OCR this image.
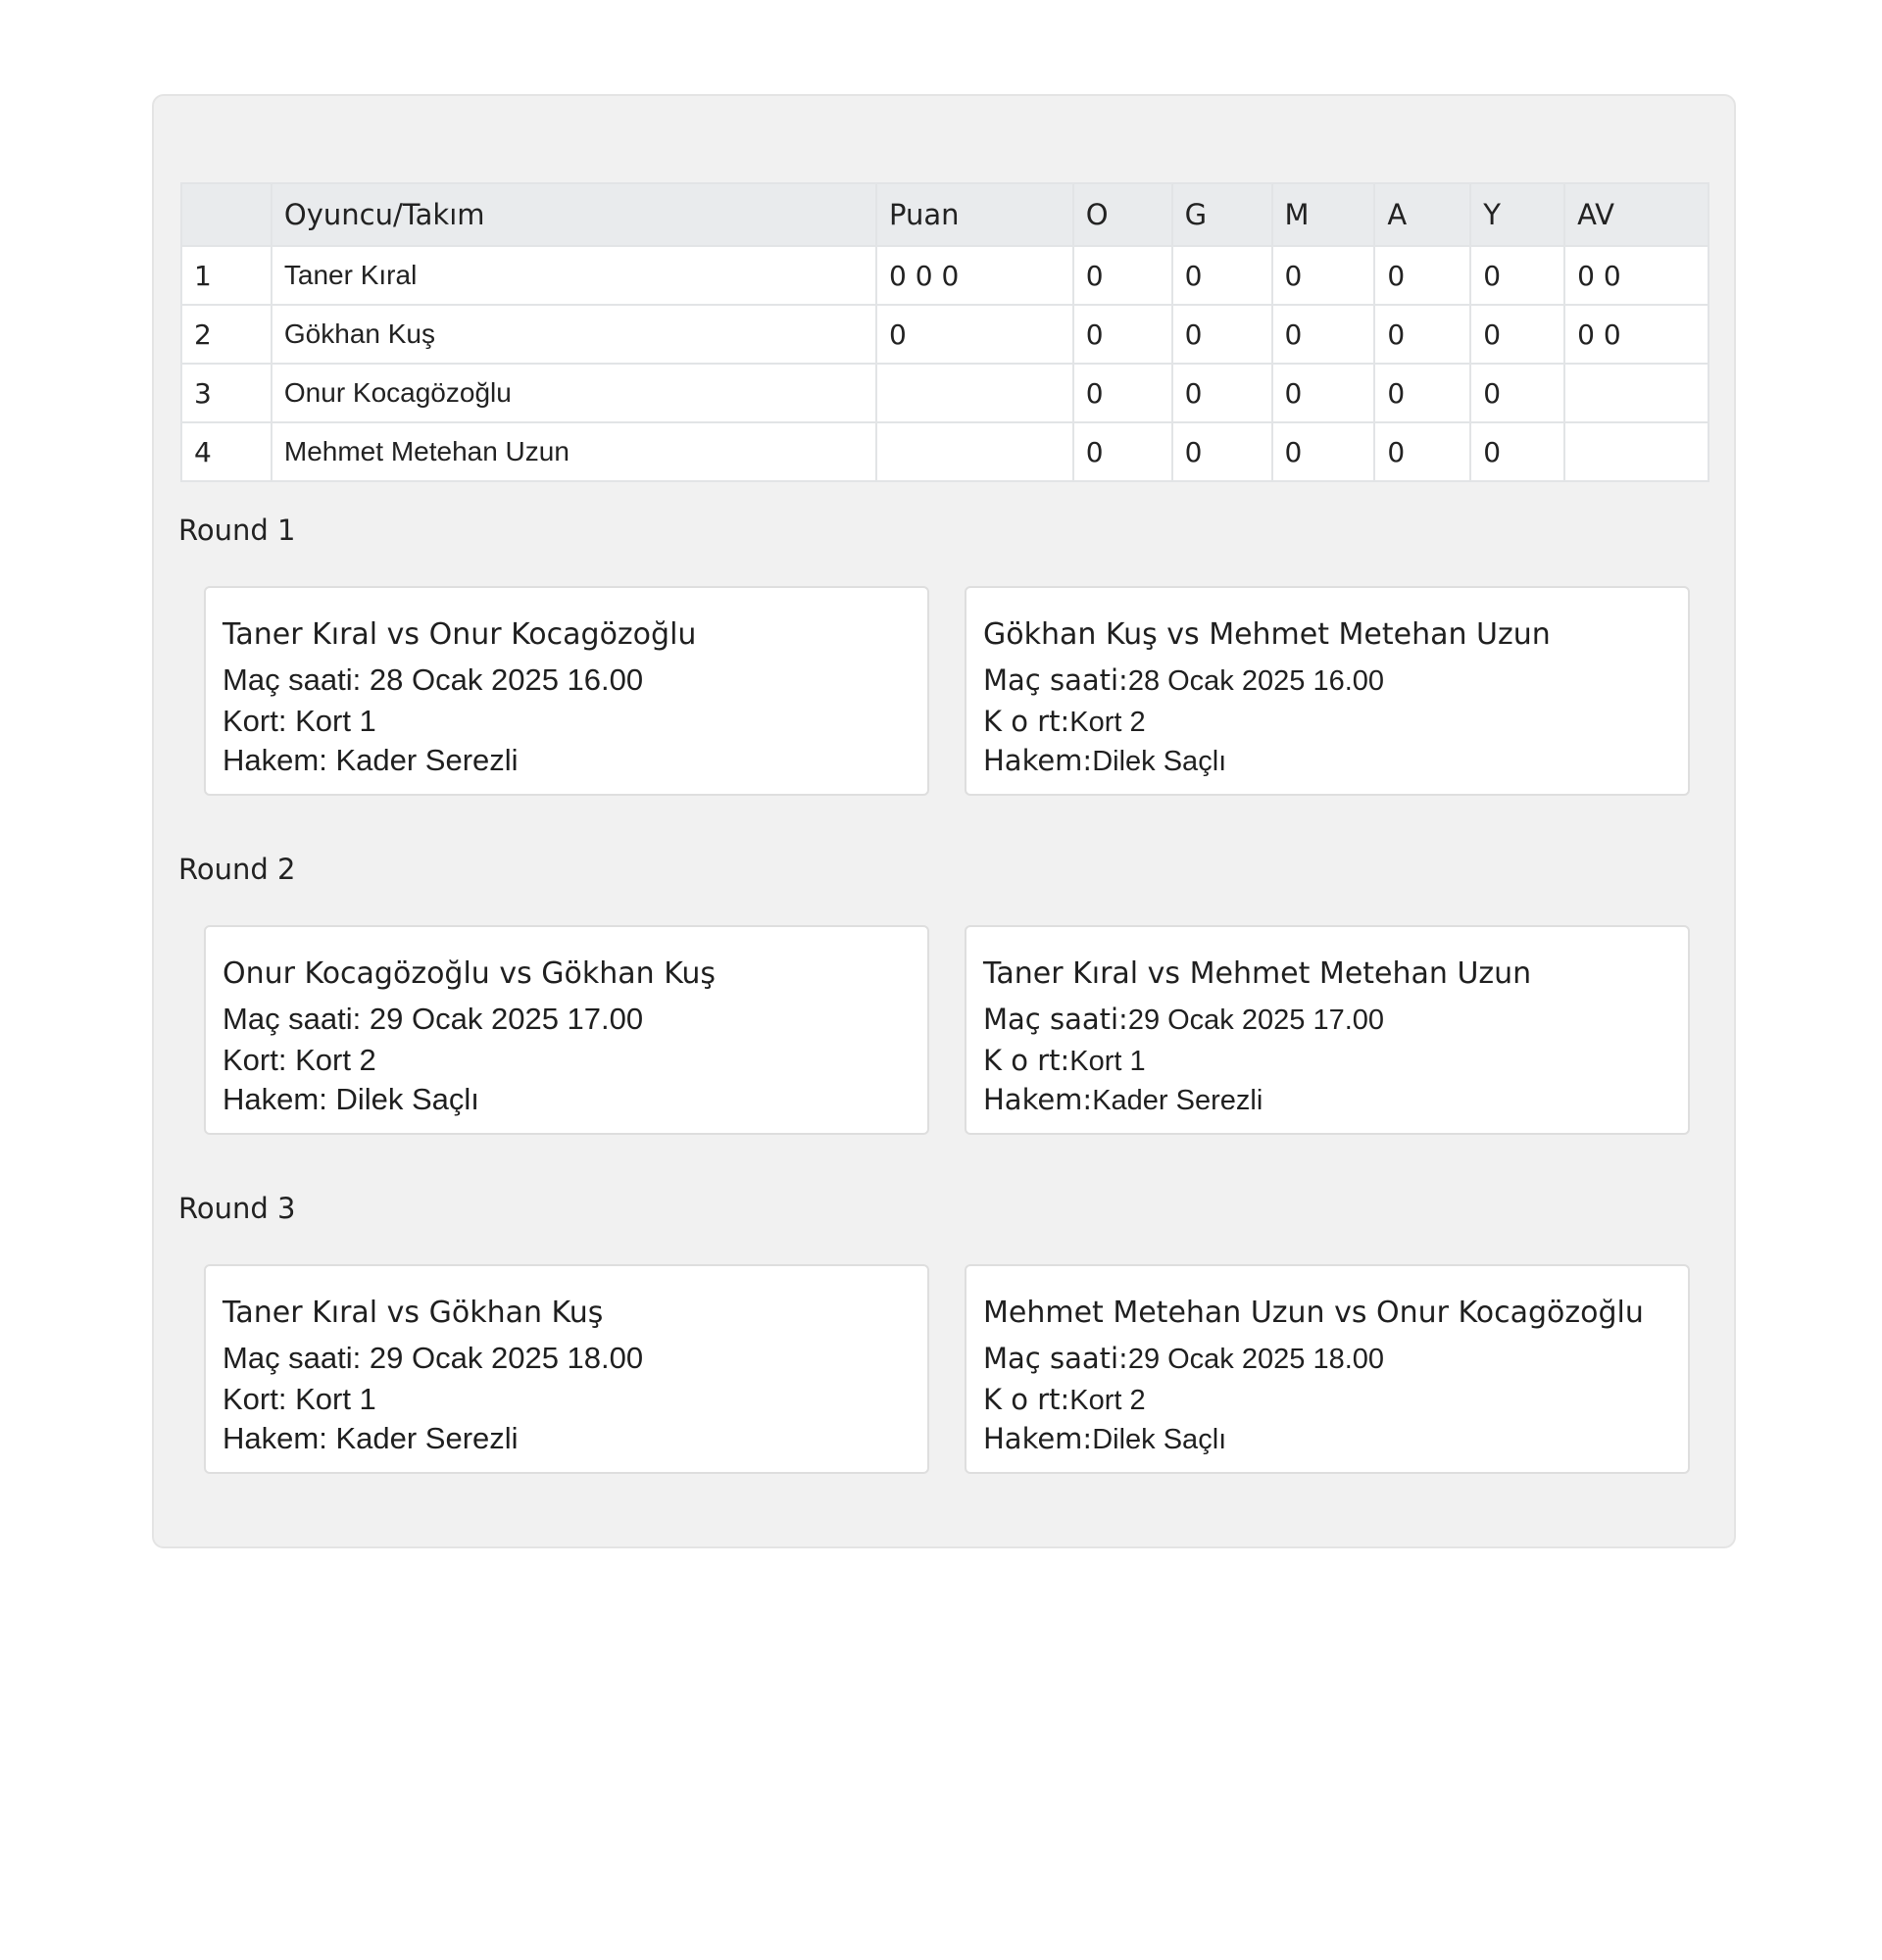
	Oyuncu/Takım	Puan	O	G	M	A	Y	AV
1	Taner Kıral	0 0 0	0	0	0	0	0	0 0
2	Gökhan Kuş	0	0	0	0	0	0	0 0
3	Onur Kocagözoğlu		0	0	0	0	0	
4	Mehmet Metehan Uzun		0	0	0	0	0	
Round 1
Taner Kıral vs Onur Kocagözoğlu
Maç saati: 28 Ocak 2025 16.00
Kort: Kort 1
Hakem: Kader Serezli
Gökhan Kuş vs Mehmet Metehan Uzun
Maç saati:28 Ocak 2025 16.00
K o rt:Kort 2
Hakem:Dilek Saçlı
Round 2
Onur Kocagözoğlu vs Gökhan Kuş
Maç saati: 29 Ocak 2025 17.00
Kort: Kort 2
Hakem: Dilek Saçlı
Taner Kıral vs Mehmet Metehan Uzun
Maç saati:29 Ocak 2025 17.00
K o rt:Kort 1
Hakem:Kader Serezli
Round 3
Taner Kıral vs Gökhan Kuş
Maç saati: 29 Ocak 2025 18.00
Kort: Kort 1
Hakem: Kader Serezli
Mehmet Metehan Uzun vs Onur Kocagözoğlu
Maç saati:29 Ocak 2025 18.00
K o rt:Kort 2
Hakem:Dilek Saçlı
